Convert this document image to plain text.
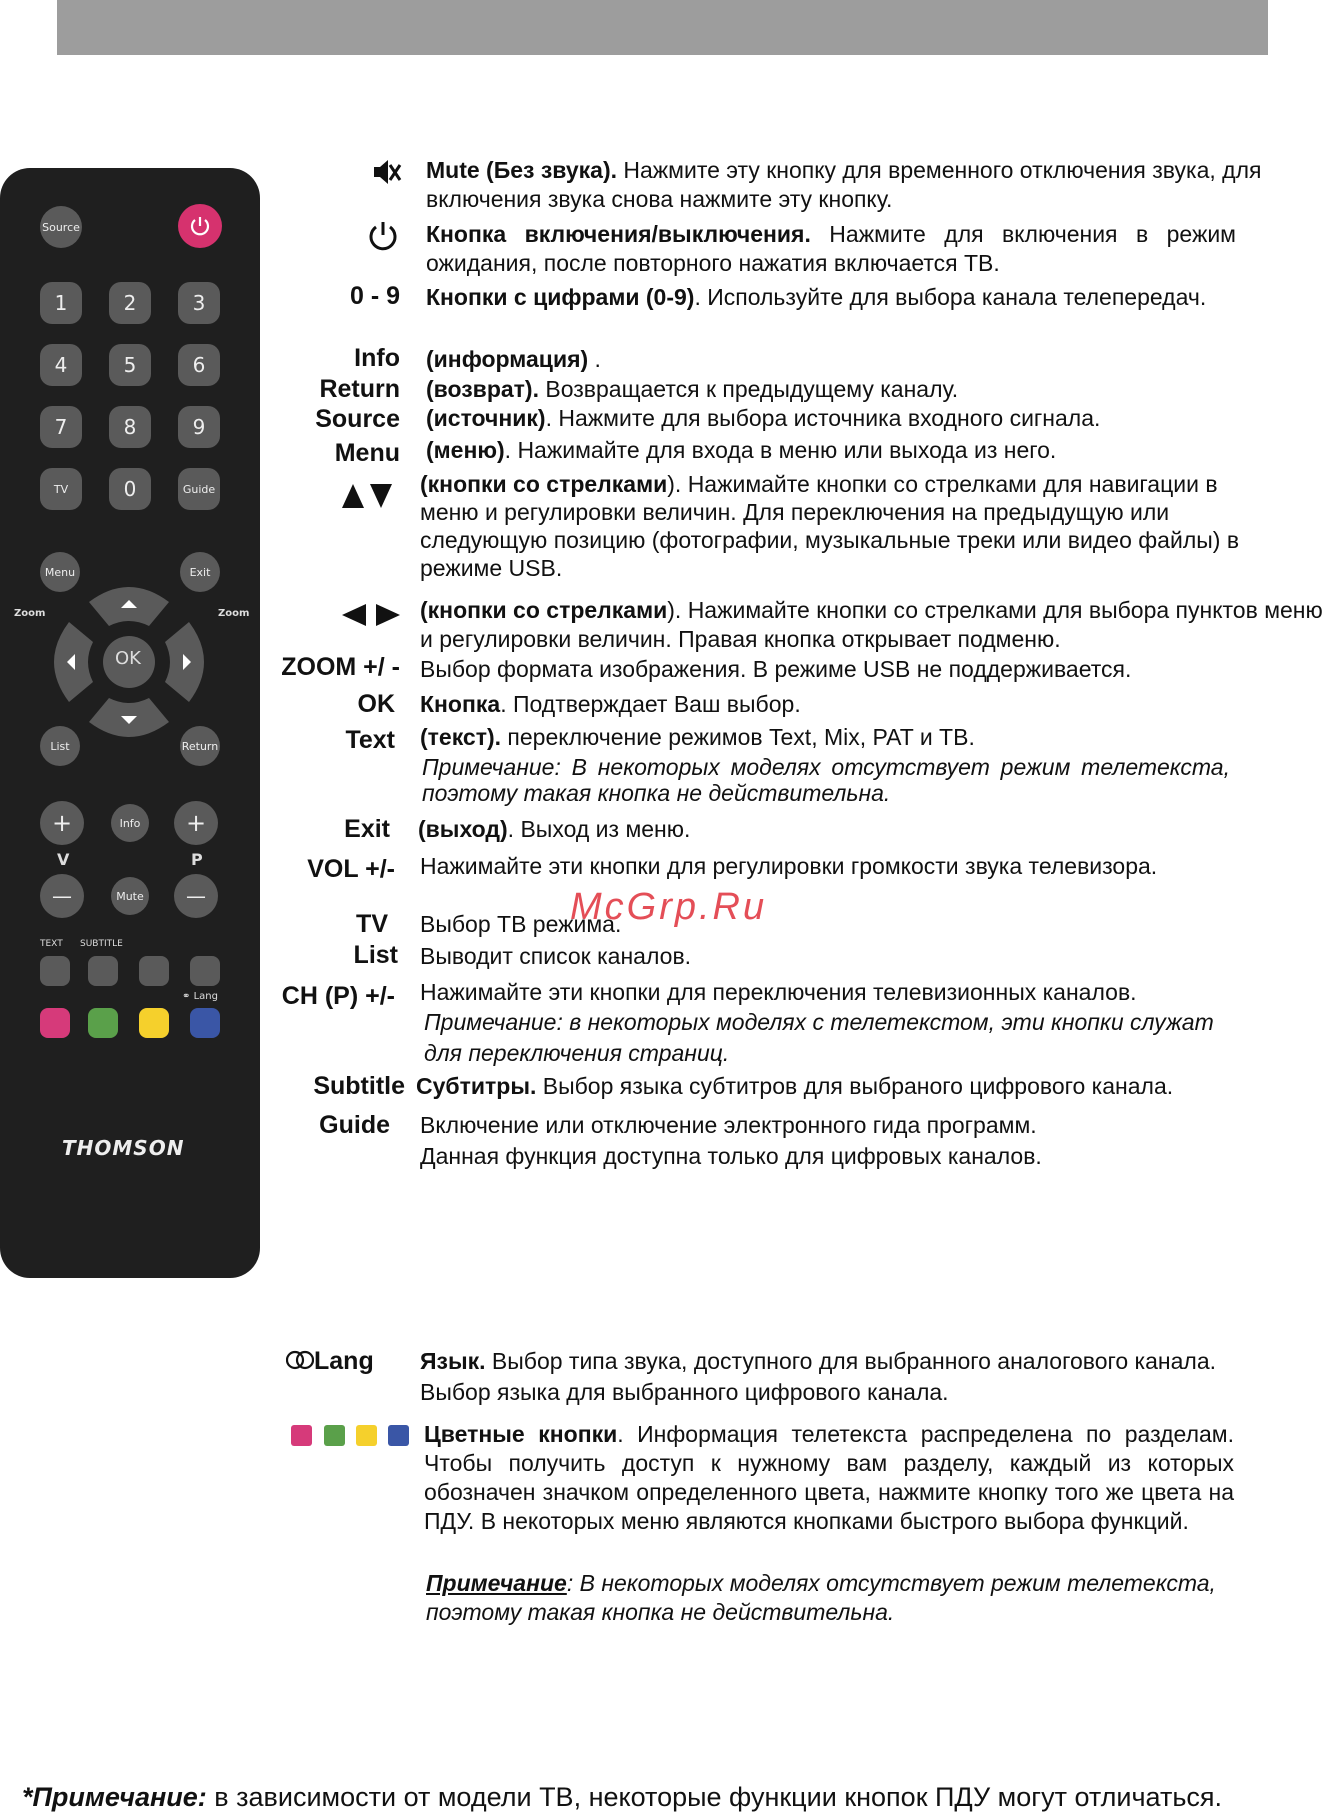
Source
1	2	3
4	5	6
7	8	9
TV	0	Guide
Menu	Exit
Zoom	Zoom
OK
List	Return
+	Info	+
V	P
—	Mute	—
TEXT SUBTITLE
⚭ Lang
THOMSON
Mute (Без звука). Нажмите эту кнопку для временного отключения звука, для включения звука снова нажмите эту кнопку.
Кнопка включения/выключения. Нажмите для включения в режим ожидания, после повторного нажатия включается ТВ.
0 - 9 Кнопки с цифрами (0-9). Используйте для выбора канала телепередач.
Info (информация) .
Return (возврат). Возвращается к предыдущему каналу.
Source (источник). Нажмите для выбора источника входного сигнала.
Menu (меню). Нажимайте для входа в меню или выхода из него.
(кнопки со стрелками). Нажимайте кнопки со стрелками для навигации в меню и регулировки величин. Для переключения на предыдущую или следующую позицию (фотографии, музыкальные треки или видео файлы) в режиме USB.
(кнопки со стрелками). Нажимайте кнопки со стрелками для выбора пунктов меню и регулировки величин. Правая кнопка открывает подменю.
ZOOM +/ - Выбор формата изображения. В режиме USB не поддерживается.
OK Кнопка. Подтверждает Ваш выбор.
Text (текст). переключение режимов Text, Mix, PAT и ТВ.
Примечание: В некоторых моделях отсутствует режим телетекста, поэтому такая кнопка не действительна.
Exit (выход). Выход из меню.
VOL +/- Нажимайте эти кнопки для регулировки громкости звука телевизора.
TV Выбор ТВ режима.
List Выводит список каналов.
CH (P) +/- Нажимайте эти кнопки для переключения телевизионных каналов.
Примечание: в некоторых моделях с телетекстом, эти кнопки служат для переключения страниц.
Subtitle Субтитры. Выбор языка субтитров для выбраного цифрового канала.
Guide Включение или отключение электронного гида программ.
Данная функция доступна только для цифровых каналов.
Lang	Язык. Выбор типа звука, доступного для выбранного аналогового канала.
Выбор языка для выбранного цифрового канала.
Цветные кнопки. Информация телетекста распределена по разделам. Чтобы получить доступ к нужному вам разделу, каждый из которых обозначен значком определенного цвета, нажмите кнопку того же цвета на ПДУ. В некоторых меню являются кнопками быстрого выбора функций.
Примечание: В некоторых моделях отсутствует режим телетекста, поэтому такая кнопка не действительна.
McGrp.Ru
*Примечание: в зависимости от модели ТВ, некоторые функции кнопок ПДУ могут отличаться.
